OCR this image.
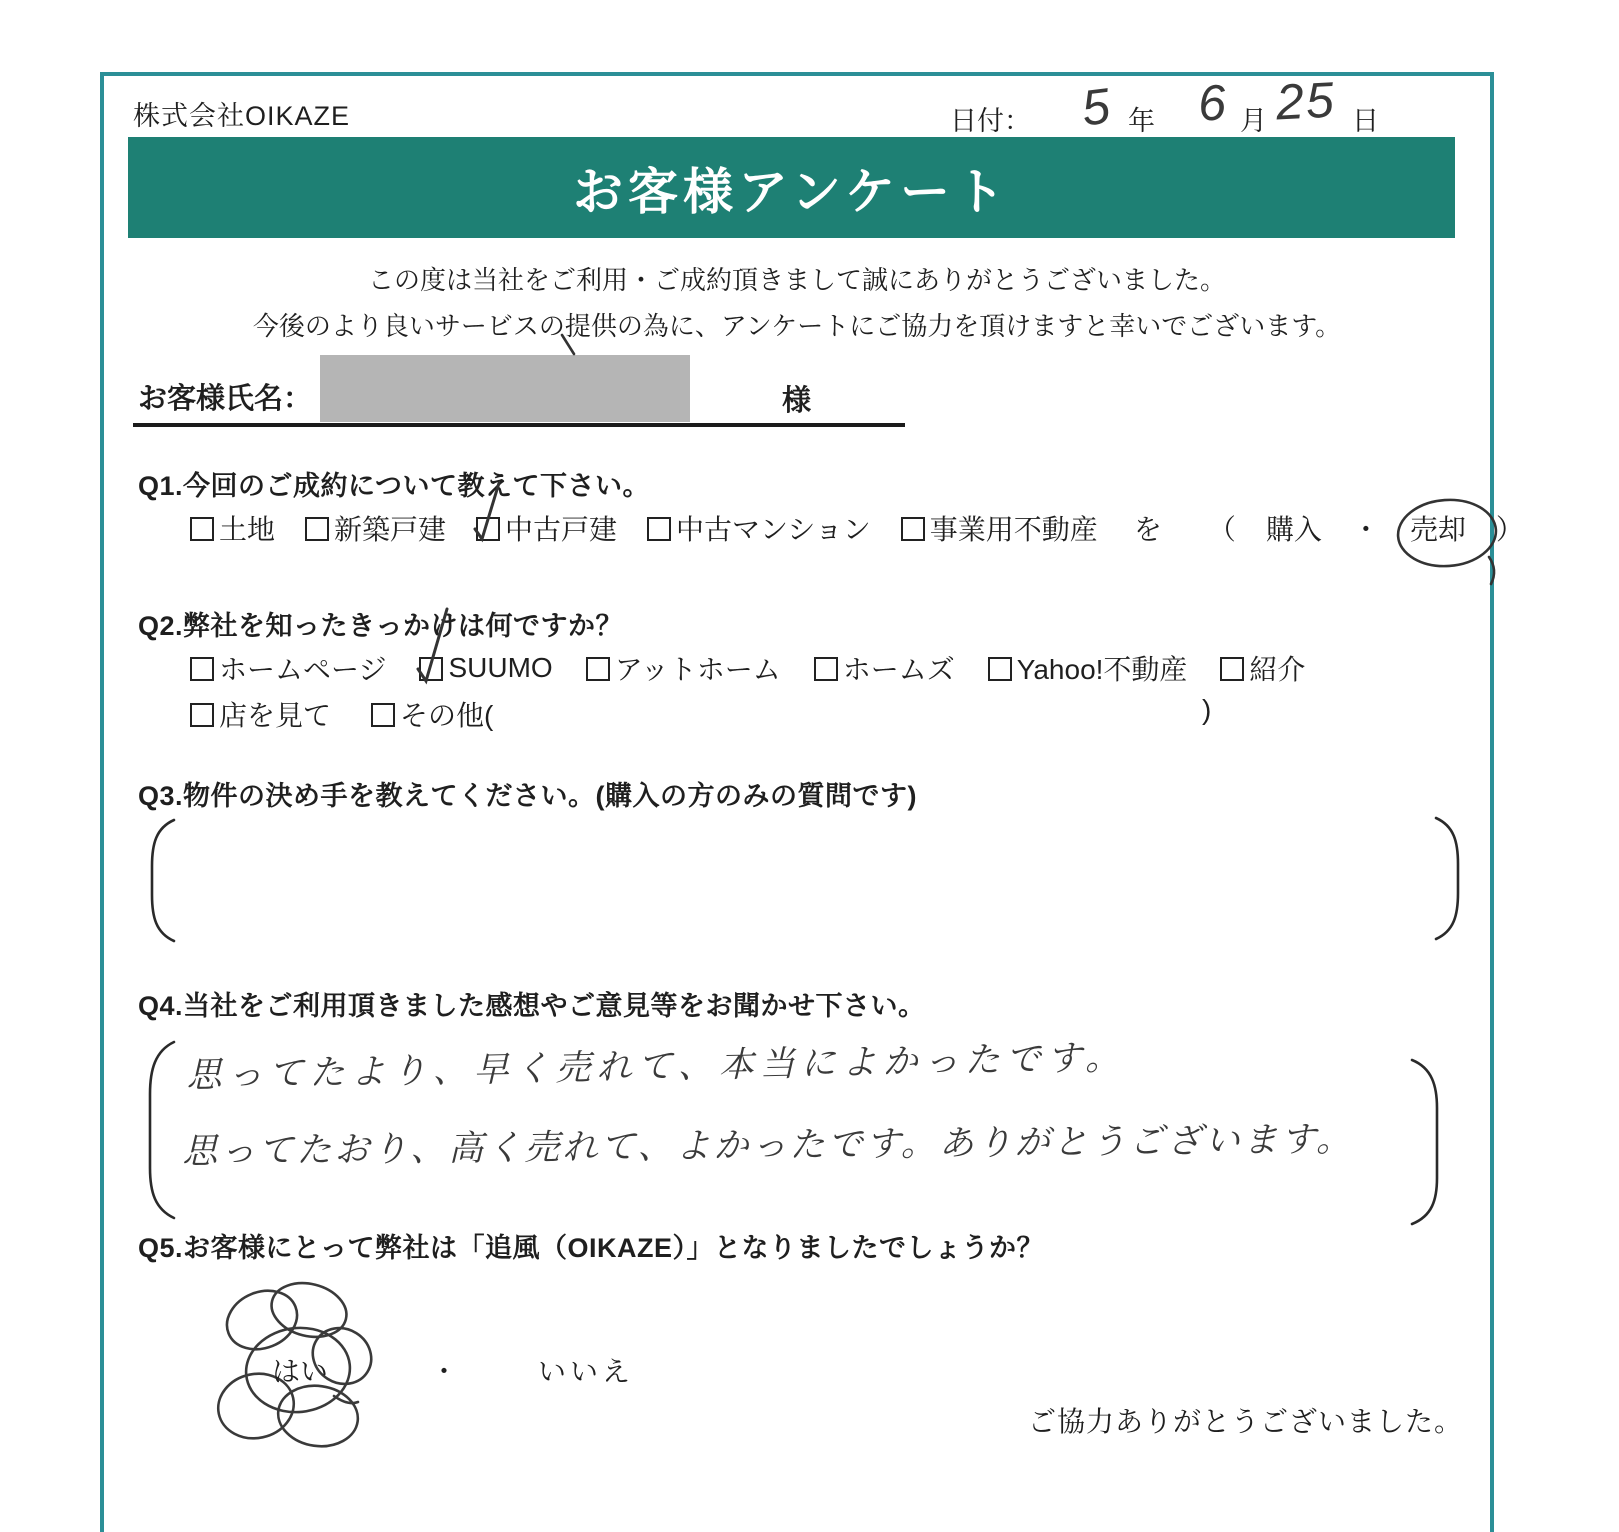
株式会社OIKAZE	日付： 5 年 6 月 25 日
お客様アンケート
この度は当社をご利用・ご成約頂きまして誠にありがとうございました。
今後のより良いサービスの提供の為に、アンケートにご協力を頂けますと幸いでございます。
お客様氏名：	様
Q1.今回のご成約について教えて下さい。
土地 新築戸建 中古戸建 中古マンション 事業用不動産 を （ 購入 ・ 売却 ）
Q2.弊社を知ったきっかけは何ですか？
ホームページ SUUMO アットホーム ホームズ Yahoo!不動産 紹介
店を見て その他(	)
Q3.物件の決め手を教えてください。(購入の方のみの質問です)
Q4.当社をご利用頂きました感想やご意見等をお聞かせ下さい。
思ってたより、早く売れて、本当によかったです。
思ってたおり、高く売れて、よかったです。ありがとうございます。
Q5.お客様にとって弊社は「追風（OIKAZE）」となりましたでしょうか？
はい	・	いいえ
ご協力ありがとうございました。
